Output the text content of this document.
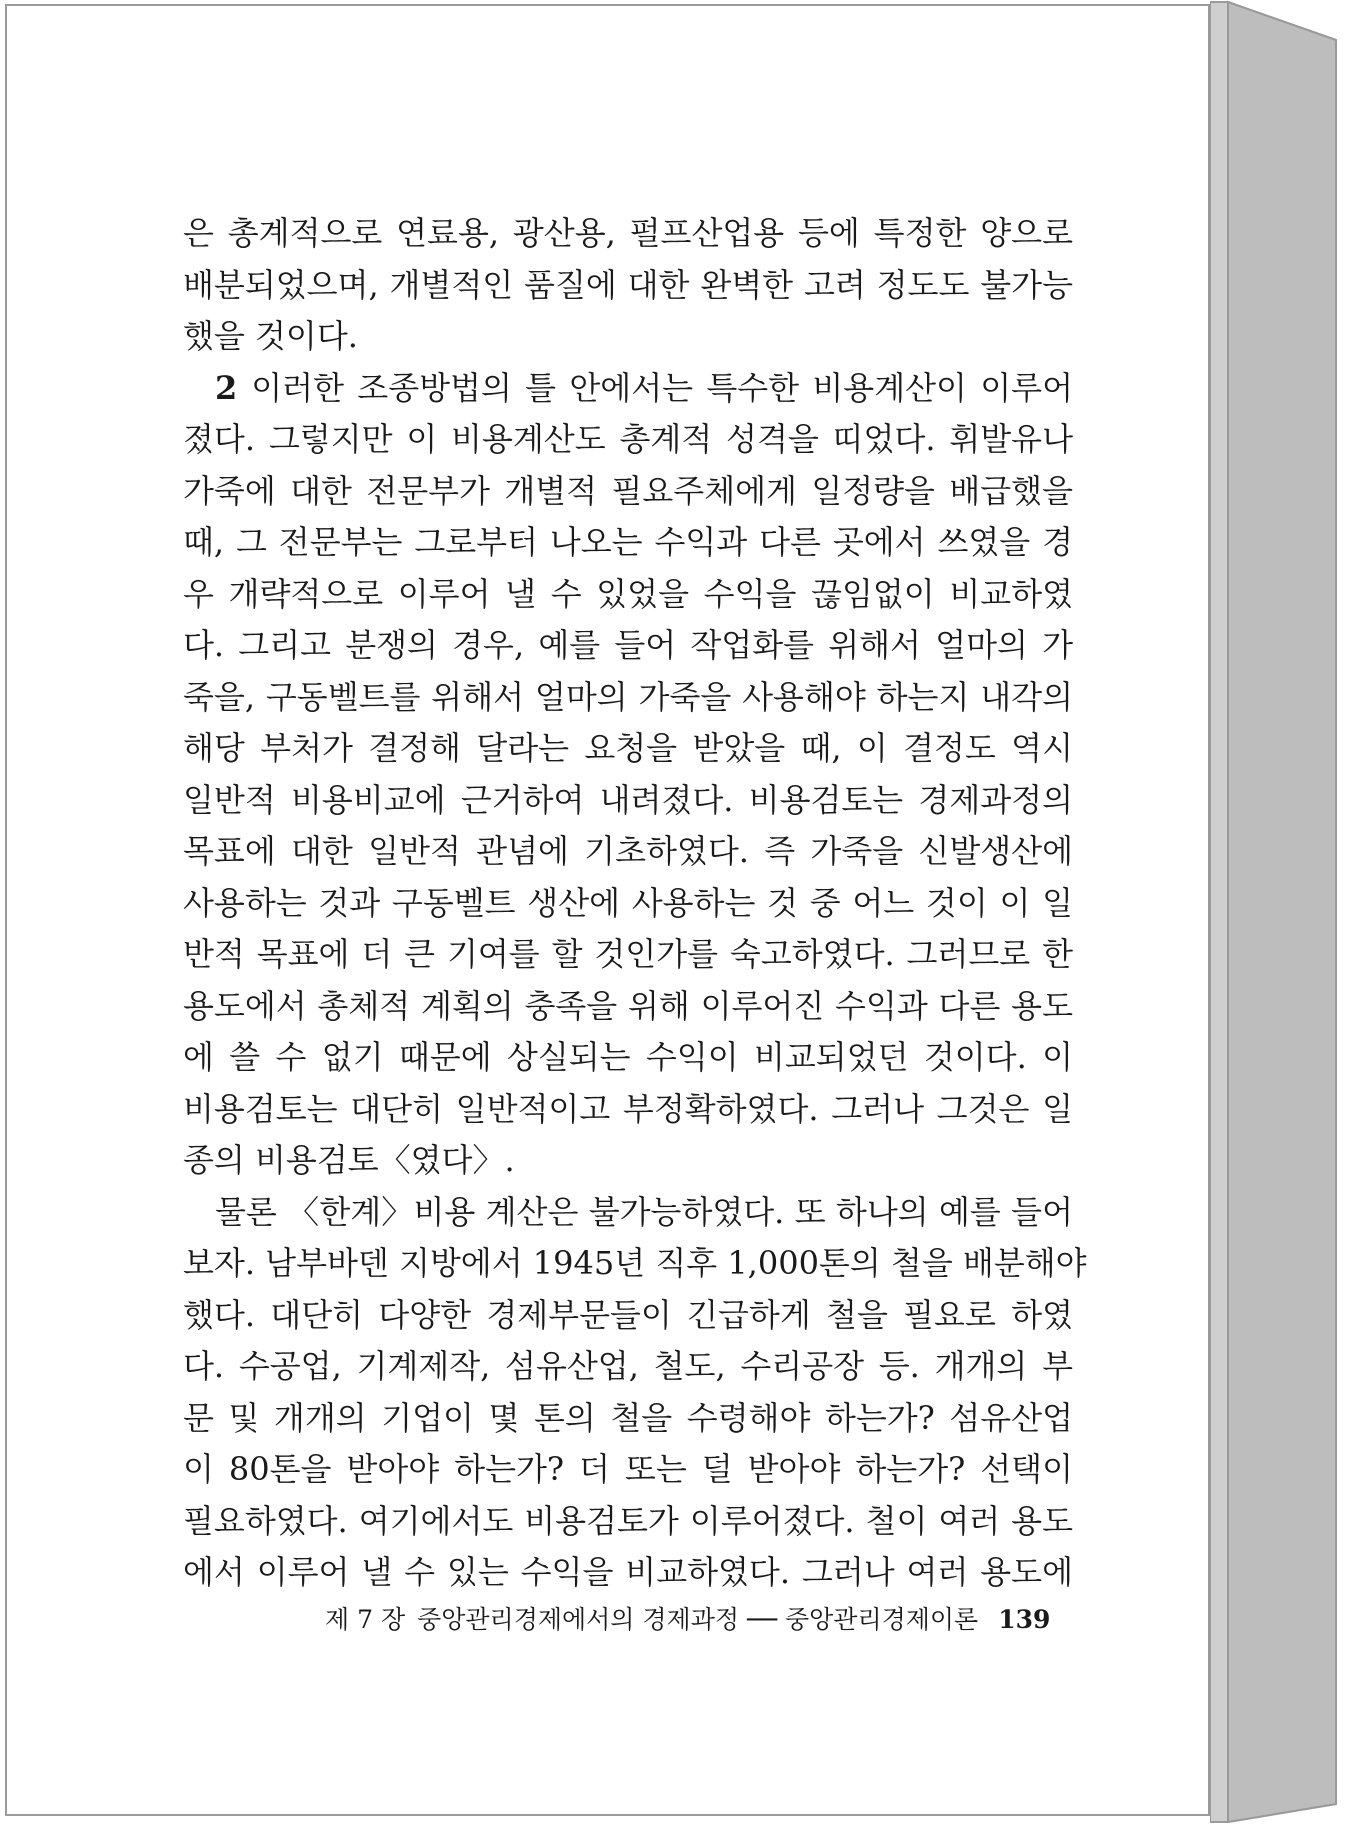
은 총계적으로 연료용, 광산용, 펄프산업용 등에 특정한 양으로
배분되었으며, 개별적인 품질에 대한 완벽한 고려 정도도 불가능
했을 것이다.
2 이러한 조종방법의 틀 안에서는 특수한 비용계산이 이루어
졌다. 그렇지만 이 비용계산도 총계적 성격을 띠었다. 휘발유나
가죽에 대한 전문부가 개별적 필요주체에게 일정량을 배급했을
때, 그 전문부는 그로부터 나오는 수익과 다른 곳에서 쓰였을 경
우 개략적으로 이루어 낼 수 있었을 수익을 끊임없이 비교하였
다. 그리고 분쟁의 경우, 예를 들어 작업화를 위해서 얼마의 가
죽을, 구동벨트를 위해서 얼마의 가죽을 사용해야 하는지 내각의
해당 부처가 결정해 달라는 요청을 받았을 때, 이 결정도 역시
일반적 비용비교에 근거하여 내려졌다. 비용검토는 경제과정의
목표에 대한 일반적 관념에 기초하였다. 즉 가죽을 신발생산에
사용하는 것과 구동벨트 생산에 사용하는 것 중 어느 것이 이 일
반적 목표에 더 큰 기여를 할 것인가를 숙고하였다. 그러므로 한
용도에서 총체적 계획의 충족을 위해 이루어진 수익과 다른 용도
에 쓸 수 없기 때문에 상실되는 수익이 비교되었던 것이다. 이
비용검토는 대단히 일반적이고 부정확하였다. 그러나 그것은 일
종의 비용검토〈였다〉.
물론 〈한계〉비용 계산은 불가능하였다. 또 하나의 예를 들어
보자. 남부바덴 지방에서 1945년 직후 1,000톤의 철을 배분해야
했다. 대단히 다양한 경제부문들이 긴급하게 철을 필요로 하였
다. 수공업, 기계제작, 섬유산업, 철도, 수리공장 등. 개개의 부
문 및 개개의 기업이 몇 톤의 철을 수령해야 하는가? 섬유산업
이 80톤을 받아야 하는가? 더 또는 덜 받아야 하는가? 선택이
필요하였다. 여기에서도 비용검토가 이루어졌다. 철이 여러 용도
에서 이루어 낼 수 있는 수익을 비교하였다. 그러나 여러 용도에
제 7 장 중앙관리경제에서의 경제과정 ── 중앙관리경제이론 139
